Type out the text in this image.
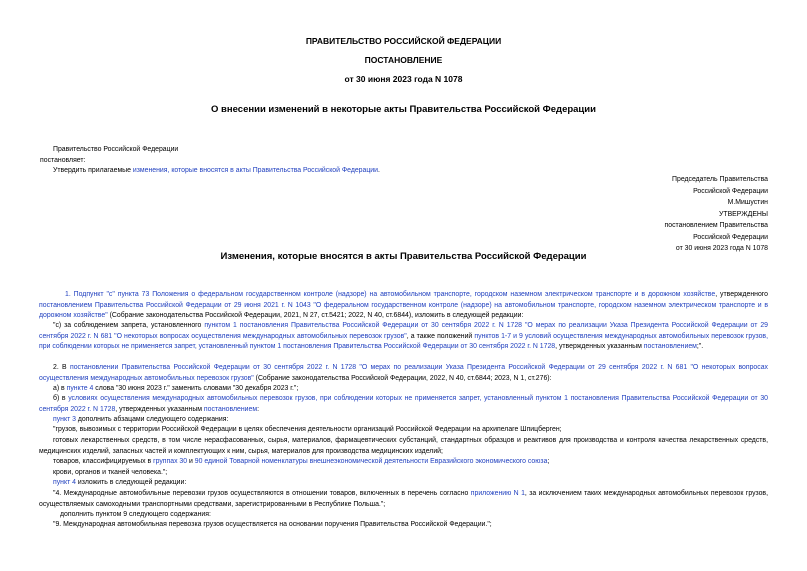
ПРАВИТЕЛЬСТВО РОССИЙСКОЙ ФЕДЕРАЦИИ
ПОСТАНОВЛЕНИЕ
от 30 июня 2023 года N 1078
О внесении изменений в некоторые акты Правительства Российской Федерации
Правительство Российской Федерации
постановляет:
Утвердить прилагаемые изменения, которые вносятся в акты Правительства Российской Федерации.
Председатель Правительства
Российской Федерации
М.Мишустин
УТВЕРЖДЕНЫ
постановлением Правительства
Российской Федерации
от 30 июня 2023 года N 1078
Изменения, которые вносятся в акты Правительства Российской Федерации
1. Подпункт "с" пункта 73 Положения о федеральном государственном контроле (надзоре) на автомобильном транспорте, городском наземном электрическом транспорте и в дорожном хозяйстве, утвержденного постановлением Правительства Российской Федерации от 29 июня 2021 г. N 1043 "О федеральном государственном контроле (надзоре) на автомобильном транспорте, городском наземном электрическом транспорте и в дорожном хозяйстве" (Собрание законодательства Российской Федерации, 2021, N 27, ст.5421; 2022, N 40, ст.6844), изложить в следующей редакции:
"с) за соблюдением запрета, установленного пунктом 1 постановления Правительства Российской Федерации от 30 сентября 2022 г. N 1728 "О мерах по реализации Указа Президента Российской Федерации от 29 сентября 2022 г. N 681 "О некоторых вопросах осуществления международных автомобильных перевозок грузов", а также положений пунктов 1-7 и 9 условий осуществления международных автомобильных перевозок грузов, при соблюдении которых не применяется запрет, установленный пунктом 1 постановления Правительства Российской Федерации от 30 сентября 2022 г. N 1728, утвержденных указанным постановлением;".
2. В постановлении Правительства Российской Федерации от 30 сентября 2022 г. N 1728 "О мерах по реализации Указа Президента Российской Федерации от 29 сентября 2022 г. N 681 "О некоторых вопросах осуществления международных автомобильных перевозок грузов" (Собрание законодательства Российской Федерации, 2022, N 40, ст.6844; 2023, N 1, ст.276):
а) в пункте 4 слова "30 июня 2023 г." заменить словами "30 декабря 2023 г.";
б) в условиях осуществления международных автомобильных перевозок грузов, при соблюдении которых не применяется запрет, установленный пунктом 1 постановления Правительства Российской Федерации от 30 сентября 2022 г. N 1728, утвержденных указанным постановлением:
пункт 3 дополнить абзацами следующего содержания:
"грузов, вывозимых с территории Российской Федерации в целях обеспечения деятельности организаций Российской Федерации на архипелаге Шпицберген;
готовых лекарственных средств, в том числе нерасфасованных, сырья, материалов, фармацевтических субстанций, стандартных образцов и реактивов для производства и контроля качества лекарственных средств, медицинских изделий, запасных частей и комплектующих к ним, сырья, материалов для производства медицинских изделий;
товаров, классифицируемых в группах 30 и 90 единой Товарной номенклатуры внешнеэкономической деятельности Евразийского экономического союза;
крови, органов и тканей человека.";
пункт 4 изложить в следующей редакции:
"4. Международные автомобильные перевозки грузов осуществляются в отношении товаров, включенных в перечень согласно приложению N 1, за исключением таких международных автомобильных перевозок грузов, осуществляемых самоходными транспортными средствами, зарегистрированными в Республике Польша.";
дополнить пунктом 9 следующего содержания:
"9. Международная автомобильная перевозка грузов осуществляется на основании поручения Правительства Российской Федерации.";
